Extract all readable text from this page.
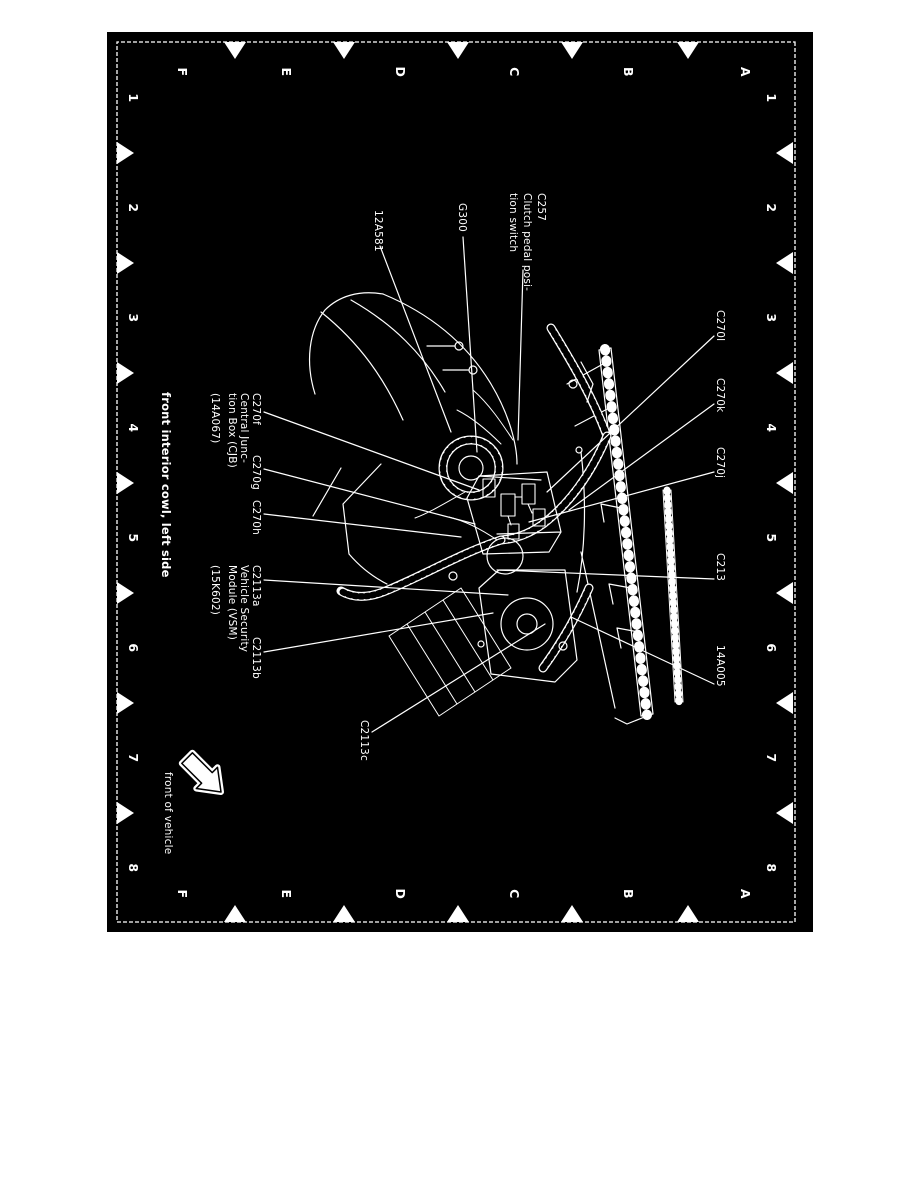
1
2
3
4
5
6
7
8
1
2
3
4
5
6
7
8
A
B
C
D
E
F
A
B
C
D
E
F
C257
Clutch pedal posi-
tion switch
G300
12A581
C270l
C270k
C270j
C213
14A005
C270f
Central Junc-
tion Box (CJB)
(14A067)
C270g
C270h
C2113a
Vehicle Security
Module (VSM)
(15K602)
C2113b
C2113c
front interior cowl, left side
front of vehicle
